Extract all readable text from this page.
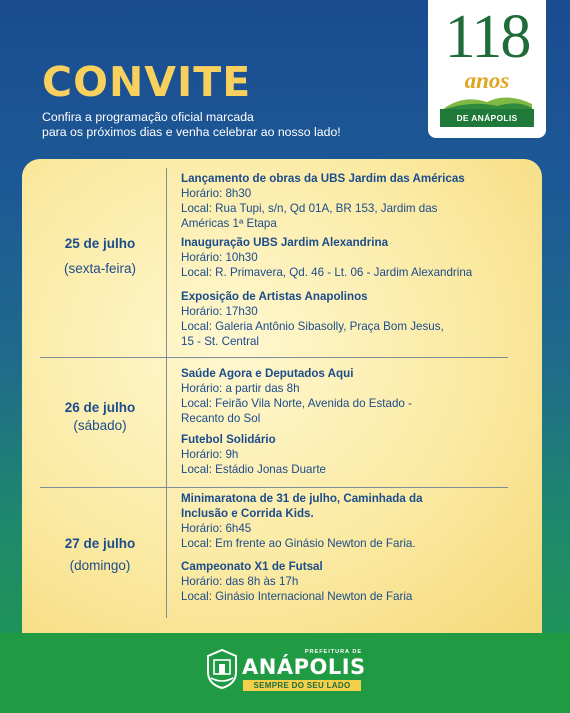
CONVITE

Confira a programação oficial marcada
para os próximos dias e venha celebrar ao nosso lado!

118
anos
DE ANÁPOLIS

25 de julho

(sexta-feira)

Lançamento de obras da UBS Jardim das Américas
Horário: 8h30
Local: Rua Tupi, s/n, Qd 01A, BR 153, Jardim das
Américas 1ª Etapa
Inauguração UBS Jardim Alexandrina
Horário: 10h30
Local: R. Primavera, Qd. 46 - Lt. 06 - Jardim Alexandrina
Exposição de Artistas Anapolinos
Horário: 17h30
Local: Galeria Antônio Sibasolly, Praça Bom Jesus,
15 - St. Central

26 de julho

(sábado)

Saúde Agora e Deputados Aqui
Horário: a partir das 8h
Local: Feirão Vila Norte, Avenida do Estado -
Recanto do Sol
Futebol Solidário
Horário: 9h
Local: Estádio Jonas Duarte

27 de julho

(domingo)

Minimaratona de 31 de julho, Caminhada da
Inclusão e Corrida Kids.
Horário: 6h45
Local: Em frente ao Ginásio Newton de Faria.
Campeonato X1 de Futsal
Horário: das 8h às 17h
Local: Ginásio Internacional Newton de Faria
PREFEITURA DE
ANÁPOLIS
SEMPRE DO SEU LADO
